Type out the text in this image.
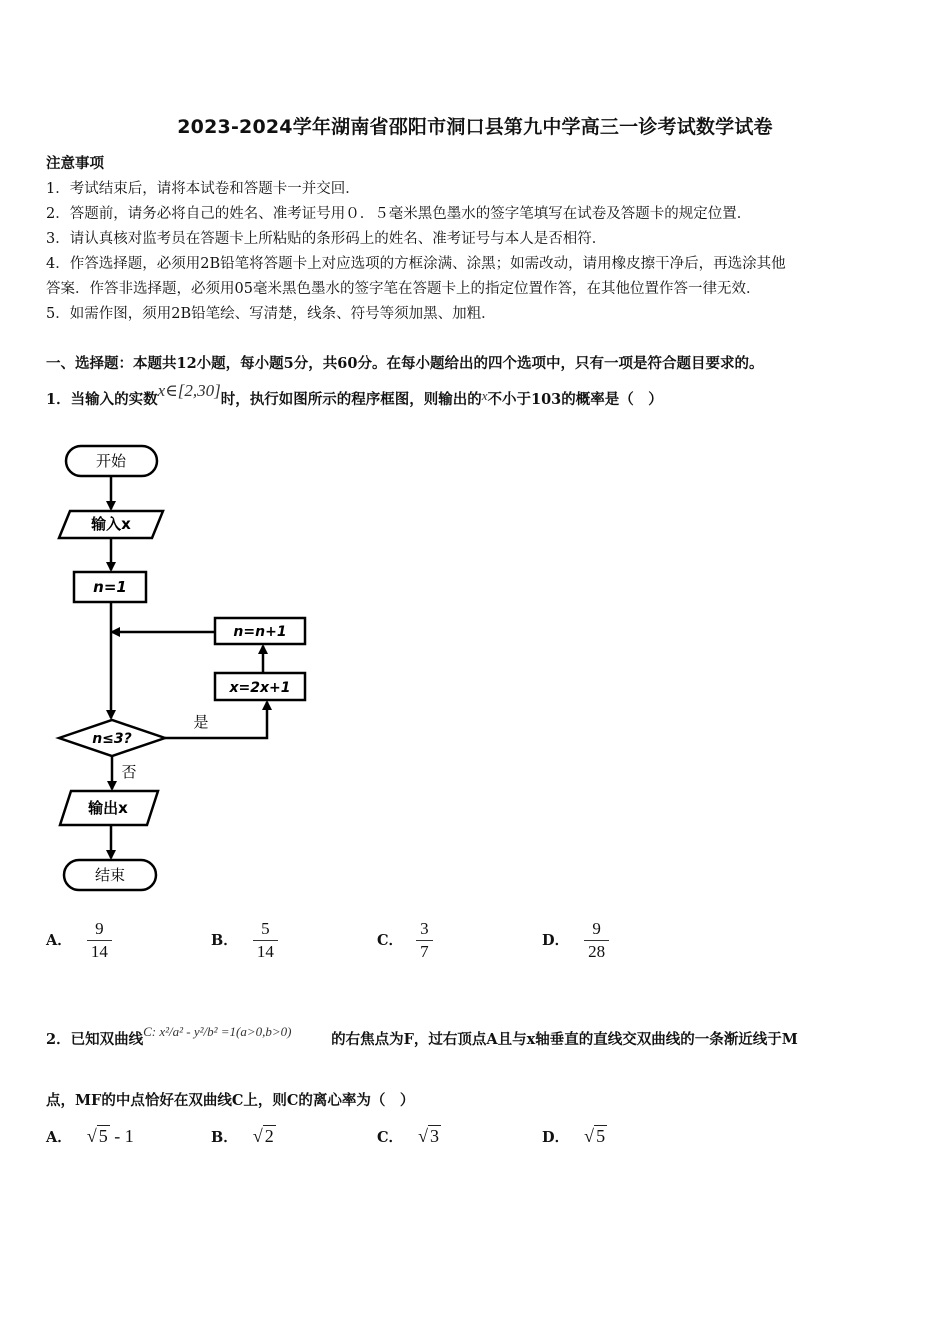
2023-2024学年湖南省邵阳市洞口县第九中学高三一诊考试数学试卷
注意事项
1．考试结束后，请将本试卷和答题卡一并交回．
2．答题前，请务必将自己的姓名、准考证号用０．５毫米黑色墨水的签字笔填写在试卷及答题卡的规定位置．
3．请认真核对监考员在答题卡上所粘贴的条形码上的姓名、准考证号与本人是否相符．
4．作答选择题，必须用2B铅笔将答题卡上对应选项的方框涂满、涂黑；如需改动，请用橡皮擦干净后，再选涂其他
答案．作答非选择题，必须用05毫米黑色墨水的签字笔在答题卡上的指定位置作答，在其他位置作答一律无效．
5．如需作图，须用2B铅笔绘、写清楚，线条、符号等须加黑、加粗．
一、选择题：本题共12小题，每小题5分，共60分。在每小题给出的四个选项中，只有一项是符合题目要求的。
1．当输入的实数x∈[2,30]时，执行如图所示的程序框图，则输出的x不小于103的概率是（　）
开始
输入x
n=1
n=n+1
x=2x+1
n≤3?
是
否
输出x
结束
A． $\frac{9}{14}$	B． $\frac{5}{14}$	C． $\frac{3}{7}$	D． $\frac{9}{28}$
2．已知双曲线C: x²/a² - y²/b² =1(a>0,b>0)	的右焦点为F，过右顶点A且与x轴垂直的直线交双曲线的一条渐近线于M
点，MF的中点恰好在双曲线C上，则C的离心率为（　）
A． √ 5 - 1	B． √ 2	C． √ 3	D． √ 5
